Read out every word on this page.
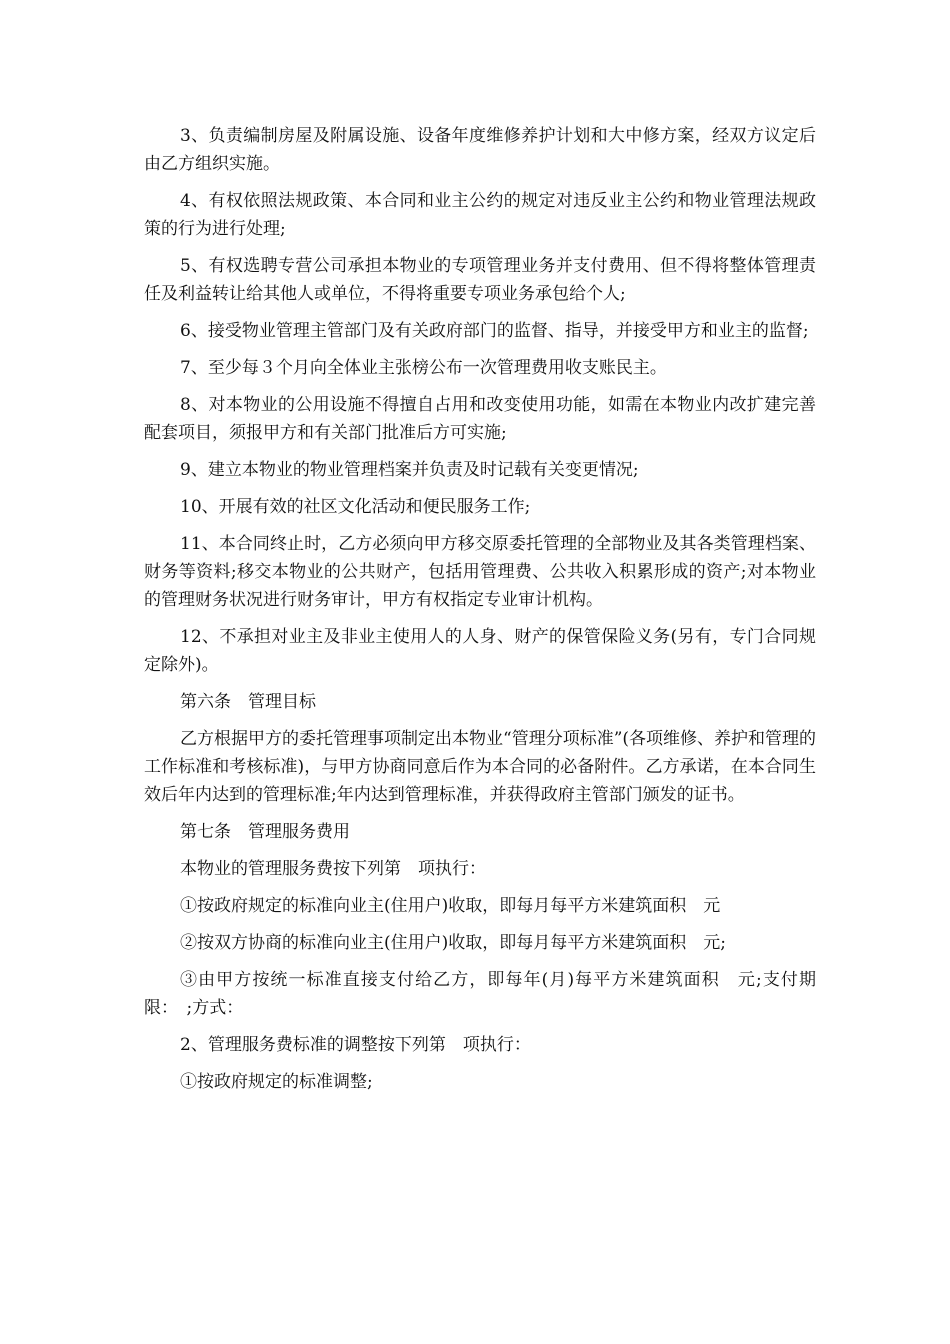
3、负责编制房屋及附属设施、设备年度维修养护计划和大中修方案，经双方议定后由乙方组织实施。

4、有权依照法规政策、本合同和业主公约的规定对违反业主公约和物业管理法规政策的行为进行处理;

5、有权选聘专营公司承担本物业的专项管理业务并支付费用、但不得将整体管理责任及利益转让给其他人或单位，不得将重要专项业务承包给个人;

6、接受物业管理主管部门及有关政府部门的监督、指导，并接受甲方和业主的监督;

7、至少每３个月向全体业主张榜公布一次管理费用收支账民主。

8、对本物业的公用设施不得擅自占用和改变使用功能，如需在本物业内改扩建完善配套项目，须报甲方和有关部门批准后方可实施;

9、建立本物业的物业管理档案并负责及时记载有关变更情况;

10、开展有效的社区文化活动和便民服务工作;

11、本合同终止时，乙方必须向甲方移交原委托管理的全部物业及其各类管理档案、财务等资料;移交本物业的公共财产，包括用管理费、公共收入积累形成的资产;对本物业的管理财务状况进行财务审计，甲方有权指定专业审计机构。

12、不承担对业主及非业主使用人的人身、财产的保管保险义务(另有，专门合同规定除外)。

第六条　管理目标

乙方根据甲方的委托管理事项制定出本物业“管理分项标准”(各项维修、养护和管理的工作标准和考核标准)，与甲方协商同意后作为本合同的必备附件。乙方承诺，在本合同生效后年内达到的管理标准;年内达到管理标准，并获得政府主管部门颁发的证书。

第七条　管理服务费用

本物业的管理服务费按下列第　项执行：

①按政府规定的标准向业主(住用户)收取，即每月每平方米建筑面积　元

②按双方协商的标准向业主(住用户)收取，即每月每平方米建筑面积　元;

③由甲方按统一标准直接支付给乙方，即每年(月)每平方米建筑面积　元;支付期限：　;方式：

2、管理服务费标准的调整按下列第　项执行：

①按政府规定的标准调整;
